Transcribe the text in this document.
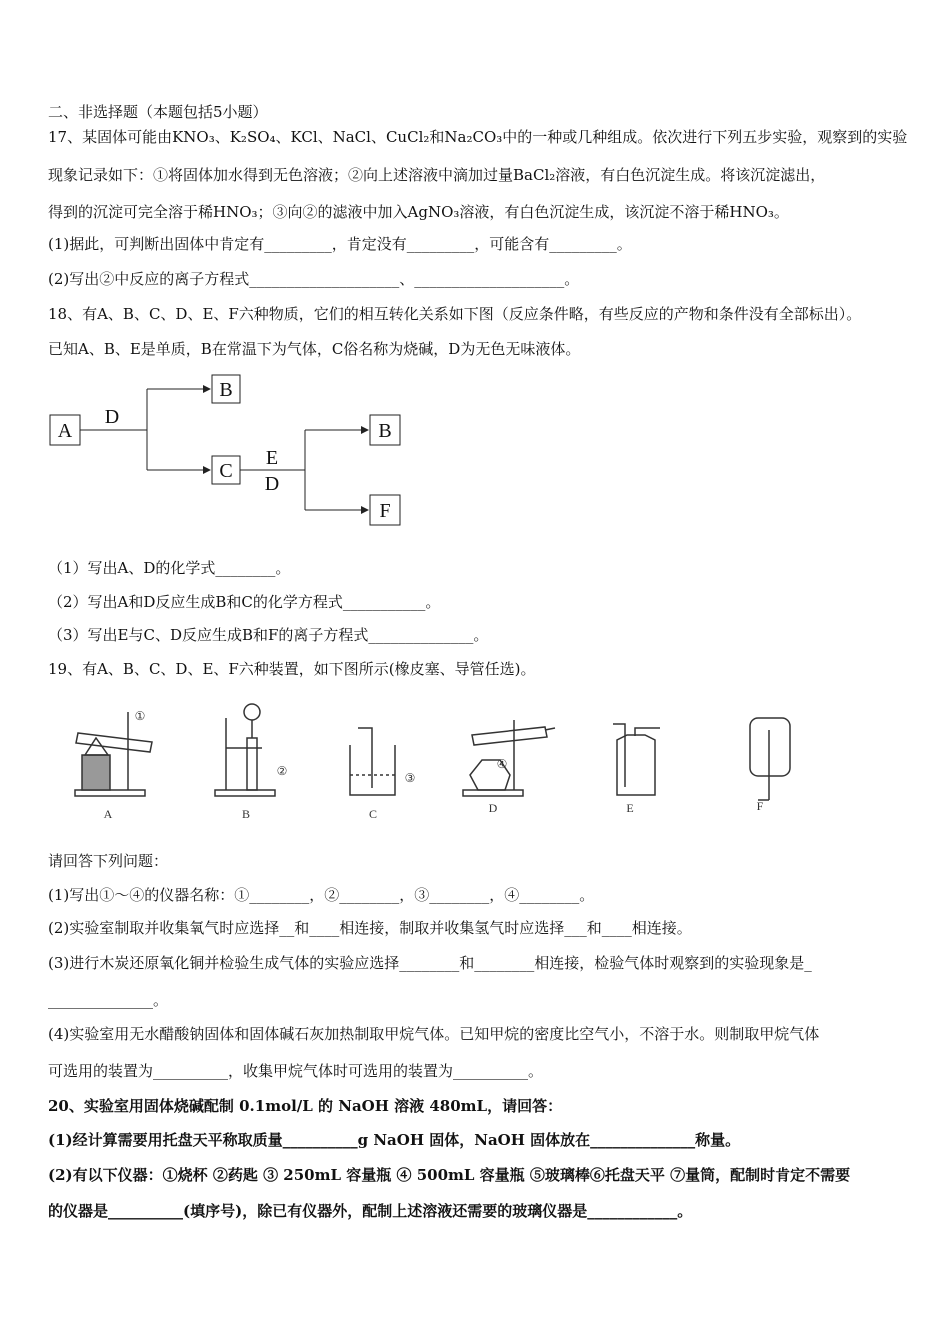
二、非选择题（本题包括5小题）
17、某固体可能由KNO₃、K₂SO₄、KCl、NaCl、CuCl₂和Na₂CO₃中的一种或几种组成。依次进行下列五步实验，观察到的实验
现象记录如下：①将固体加水得到无色溶液；②向上述溶液中滴加过量BaCl₂溶液，有白色沉淀生成。将该沉淀滤出，
得到的沉淀可完全溶于稀HNO₃；③向②的滤液中加入AgNO₃溶液，有白色沉淀生成，该沉淀不溶于稀HNO₃。
(1)据此，可判断出固体中肯定有_________，肯定没有_________，可能含有_________。
(2)写出②中反应的离子方程式____________________、____________________。
18、有A、B、C、D、E、F六种物质，它们的相互转化关系如下图（反应条件略，有些反应的产物和条件没有全部标出）。
已知A、B、E是单质，B在常温下为气体，C俗名称为烧碱，D为无色无味液体。
A
B
C
B
F
D
E
D
A	B	C	D	E	F
①
②	③
④
（1）写出A、D的化学式________。
（2）写出A和D反应生成B和C的化学方程式___________。
（3）写出E与C、D反应生成B和F的离子方程式______________。
19、有A、B、C、D、E、F六种装置，如下图所示(橡皮塞、导管任选)。
请回答下列问题：
(1)写出①～④的仪器名称：①________，②________，③________，④________。
(2)实验室制取并收集氧气时应选择__和____相连接，制取并收集氢气时应选择___和____相连接。
(3)进行木炭还原氧化铜并检验生成气体的实验应选择________和________相连接，检验气体时观察到的实验现象是_
______________。
(4)实验室用无水醋酸钠固体和固体碱石灰加热制取甲烷气体。已知甲烷的密度比空气小，不溶于水。则制取甲烷气体
可选用的装置为__________，收集甲烷气体时可选用的装置为__________。
20、实验室用固体烧碱配制 0.1mol/L 的 NaOH 溶液 480mL，请回答：
(1)经计算需要用托盘天平称取质量__________g NaOH 固体，NaOH 固体放在______________称量。
(2)有以下仪器：①烧杯 ②药匙 ③ 250mL 容量瓶 ④ 500mL 容量瓶 ⑤玻璃棒⑥托盘天平 ⑦量筒，配制时肯定不需要
的仪器是__________(填序号)，除已有仪器外，配制上述溶液还需要的玻璃仪器是____________。
